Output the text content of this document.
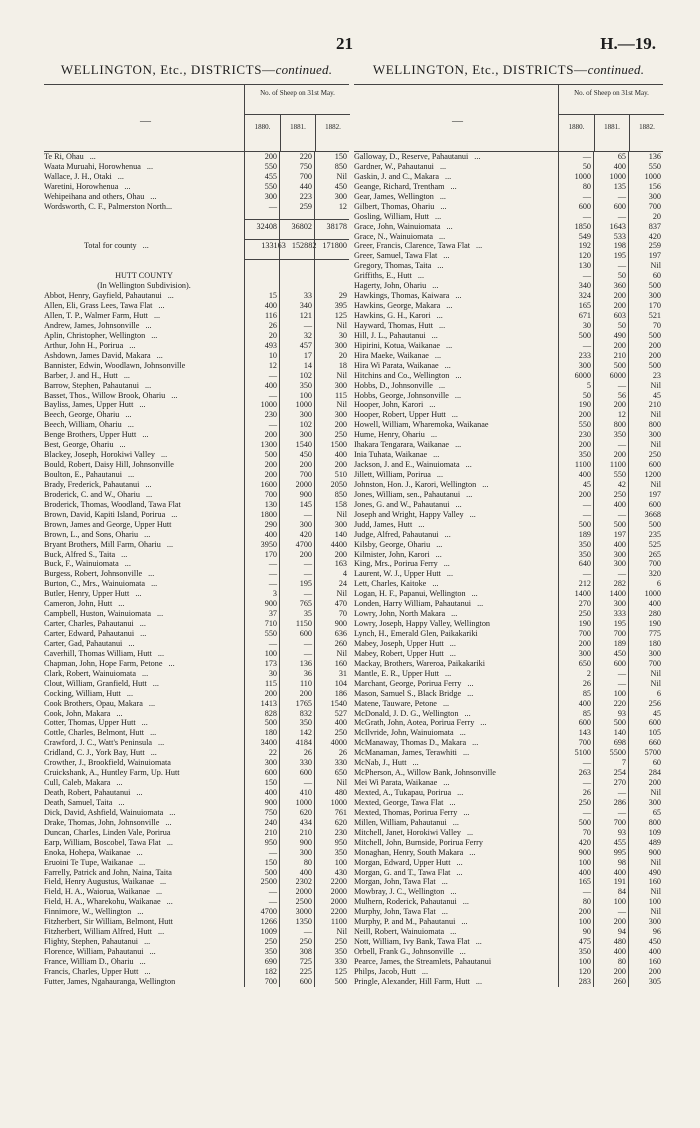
21	H.—19.
WELLINGTON, Etc., DISTRICTS—continued.
—
No. of Sheep on 31st May.
1880.	1881.	1882.
Te Ri, Ohau ...	200	220	150
Waata Muruahi, Horowhenua ...	550	750	850
Wallace, J. H., Otaki ...	455	700	Nil
Waretini, Horowhenua ...	550	440	450
Wehipeihana and others, Ohau ...	300	223	300
Wordsworth, C. F., Palmerston North...	—	259	12
32408	36802	38178
Total for county ...	133163 152882 171800
HUTT COUNTY
(In Wellington Subdivision).
Abbot, Henry, Gayfield, Pahautanui ...	15	33	29
Allen, Eli, Grass Lees, Tawa Flat ...	400	340	395
Allen, T. P., Walmer Farm, Hutt ...	116	121	125
Andrew, James, Johnsonville ...	26	—	Nil
Aplin, Christopher, Wellington ...	20	32	30
Arthur, John H., Porirua ...	493	457	300
Ashdown, James David, Makara ...	10	17	20
Bannister, Edwin, Woodlawn, Johnsonville	12	14	18
Barber, J. and H., Hutt ...	—	102	Nil
Barrow, Stephen, Pahautanui ...	400	350	300
Basset, Thos., Willow Brook, Ohariu ...	—	100	115
Bayliss, James, Upper Hutt ...	1000	1000	Nil
Beech, George, Ohariu ...	230	300	300
Beech, William, Ohariu ...	—	102	200
Benge Brothers, Upper Hutt ...	200	300	250
Best, George, Ohariu ...	1300	1540	1500
Blackey, Joseph, Horokiwi Valley ...	500	450	400
Bould, Robert, Daisy Hill, Johnsonville	200	200	200
Boulton, E., Pahautanui ...	200	700	510
Brady, Frederick, Pahautanui ...	1600	2000	2050
Broderick, C. and W., Ohariu ...	700	900	850
Broderick, Thomas, Woodland, Tawa Flat	130	145	158
Brown, David, Kapiti Island, Porirua ...	1800	—	Nil
Brown, James and George, Upper Hutt	290	300	300
Brown, L., and Sons, Ohariu ...	400	420	140
Bryant Brothers, Mill Farm, Ohariu ...	3950	4700	4400
Buck, Alfred S., Taita ...	170	200	200
Buck, F., Wainuiomata ...	—	—	163
Burgess, Robert, Johnsonville ...	—	—	4
Burton, C., Mrs., Wainuiomata ...	—	195	24
Butler, Henry, Upper Hutt ...	3	—	Nil
Cameron, John, Hutt ...	900	765	470
Campbell, Huston, Wainuiomata ...	37	35	70
Carter, Charles, Pahautanui ...	710	1150	900
Carter, Edward, Pahautanui ...	550	600	636
Carter, Gad, Pahautanui ...	—	—	260
Caverhill, Thomas William, Hutt ...	100	—	Nil
Chapman, John, Hope Farm, Petone ...	173	136	160
Clark, Robert, Wainuiomata ...	30	36	31
Clout, William, Granfield, Hutt ...	115	110	104
Cocking, William, Hutt ...	200	200	186
Cook Brothers, Opau, Makara ...	1413	1765	1540
Cook, John, Makara ...	828	832	527
Cotter, Thomas, Upper Hutt ...	500	350	400
Cottle, Charles, Belmont, Hutt ...	180	142	250
Crawford, J. C., Watt's Peninsula ...	3400	4184	4000
Cridland, C. J., York Bay, Hutt ...	22	26	26
Crowther, J., Brookfield, Wainuiomata	300	330	330
Cruickshank, A., Huntley Farm, Up. Hutt	600	600	650
Cull, Caleb, Makara ...	150	—	Nil
Death, Robert, Pahautanui ...	400	410	480
Death, Samuel, Taita ...	900	1000	1000
Dick, David, Ashfield, Wainuiomata ...	750	620	761
Drake, Thomas, John, Johnsonville ...	240	434	620
Duncan, Charles, Linden Vale, Porirua	210	210	230
Earp, William, Boscobel, Tawa Flat ...	950	900	950
Enoka, Hohepa, Waikanae ...	—	300	350
Eruoini Te Tupe, Waikanae ...	150	80	100
Farrelly, Patrick and John, Naina, Taita	500	400	430
Field, Henry Augustus, Waikanae ...	2500	2302	2200
Field, H. A., Waiorua, Waikanae ...	—	2000	2000
Field, H. A., Wharekohu, Waikanae ...	—	2500	2000
Finnimore, W., Wellington ...	4700	3000	2200
Fitzherbert, Sir William, Belmont, Hutt	1266	1350	1100
Fitzherbert, William Alfred, Hutt ...	1009	—	Nil
Flighty, Stephen, Pahautanui ...	250	250	250
Florence, William, Pahautanui ...	350	308	350
France, William D., Ohariu ...	690	725	330
Francis, Charles, Upper Hutt ...	182	225	125
Futter, James, Ngahauranga, Wellington	700	600	500
WELLINGTON, Etc., DISTRICTS—continued.
—
No. of Sheep on 31st May.
1880.	1881.	1882.
Galloway, D., Reserve, Pahautanui ...	—	65	136
Gardner, W., Pahautanui ...	50	400	550
Gaskin, J. and C., Makara ...	1000	1000	1000
Geange, Richard, Trentham ...	80	135	156
Gear, James, Wellington ...	—	—	300
Gilbert, Thomas, Ohariu ...	600	600	700
Gosling, William, Hutt ...	—	—	20
Grace, John, Wainuiomata ...	1850	1643	837
Grace, N., Wainuiomata ...	549	533	420
Greer, Francis, Clarence, Tawa Flat ...	192	198	259
Greer, Samuel, Tawa Flat ...	120	195	197
Gregory, Thomas, Taita ...	130	—	Nil
Griffiths, E., Hutt ...	—	50	60
Hagerty, John, Ohariu ...	340	360	500
Hawkings, Thomas, Kaiwara ...	324	200	300
Hawkins, George, Makara ...	165	200	170
Hawkins, G. H., Karori ...	671	603	521
Hayward, Thomas, Hutt ...	30	50	70
Hill, J. L., Pahautanui ...	500	490	500
Hipirini, Kotua, Waikanae ...	—	200	200
Hira Maeke, Waikanae ...	233	210	200
Hira Wi Parata, Waikanae ...	300	500	500
Hitchins and Co., Wellington ...	6000	6000	23
Hobbs, D., Johnsonville ...	5	—	Nil
Hobbs, George, Johnsonville ...	50	56	45
Hooper, John, Karori ...	190	200	210
Hooper, Robert, Upper Hutt ...	200	12	Nil
Howell, William, Wharemoka, Waikanae	550	800	800
Hume, Henry, Ohariu ...	230	350	300
Ihakara Tengarara, Waikanae ...	200	—	Nil
Inia Tuhata, Waikanae ...	350	200	250
Jackson, J. and E., Wainuiomata ...	1100	1100	600
Jillett, William, Porirua ...	400	550	1200
Johnston, Hon. J., Karori, Wellington ...	45	42	Nil
Jones, William, sen., Pahautanui ...	200	250	197
Jones, G. and W., Pahautanui ...	—	400	600
Joseph and Wright, Happy Valley ...	—	—	3668
Judd, James, Hutt ...	500	500	500
Judge, Alfred, Pahautanui ...	189	197	235
Kilsby, George, Ohariu ...	350	400	525
Kilmister, John, Karori ...	350	300	265
King, Mrs., Porirua Ferry ...	640	300	700
Laurent, W. J., Upper Hutt ...	—	—	320
Lett, Charles, Kaitoke ...	212	282	6
Logan, H. F., Papanui, Wellington ...	1400	1400	1000
Londen, Harry William, Pahautanui ...	270	300	400
Lowry, John, North Makara ...	250	333	280
Lowry, Joseph, Happy Valley, Wellington	190	195	190
Lynch, H., Emerald Glen, Paikakariki	700	700	775
Mabey, Joseph, Upper Hutt ...	200	189	180
Mabey, Robert, Upper Hutt ...	300	450	300
Mackay, Brothers, Wareroa, Paikakariki	650	600	700
Mantle, E. R., Upper Hutt ...	2	—	Nil
Marchant, George, Porirua Ferry ...	26	—	Nil
Mason, Samuel S., Black Bridge ...	85	100	6
Matene, Tauware, Petone ...	400	220	256
McDonald, J. D. G., Wellington ...	85	93	45
McGrath, John, Aotea, Porirua Ferry ...	600	500	600
McIlvride, John, Wainuiomata ...	143	140	105
McManaway, Thomas D., Makara ...	700	698	660
McManaman, James, Terawhiti ...	5100	5500	5700
McNab, J., Hutt ...	—	7	60
McPherson, A., Willow Bank, Johnsonville	263	254	284
Mei Wi Parata, Waikanae ...	—	270	200
Mexted, A., Tukapau, Porirua ...	26	—	Nil
Mexted, George, Tawa Flat ...	250	286	300
Mexted, Thomas, Porirua Ferry ...	—	—	65
Millen, William, Pahautanui ...	500	700	800
Mitchell, Janet, Horokiwi Valley ...	70	93	109
Mitchell, John, Burnside, Porirua Ferry	420	455	489
Monaghan, Henry, South Makara ...	900	995	900
Morgan, Edward, Upper Hutt ...	100	98	Nil
Morgan, G. and T., Tawa Flat ...	400	400	490
Morgan, John, Tawa Flat ...	165	191	160
Mowbray, J. C., Wellington ...	—	84	Nil
Mulhern, Roderick, Pahautanui ...	80	100	100
Murphy, John, Tawa Flat ...	200	—	Nil
Murphy, P. and M., Pahautanui ...	100	200	300
Neill, Robert, Wainuiomata ...	90	94	96
Nott, William, Ivy Bank, Tawa Flat ...	475	480	450
Orbell, Frank G., Johnsonville ...	350	400	400
Pearce, James, the Streamlets, Pahautanui	100	80	160
Philps, Jacob, Hutt ...	120	200	200
Pringle, Alexander, Hill Farm, Hutt ...	283	260	305
